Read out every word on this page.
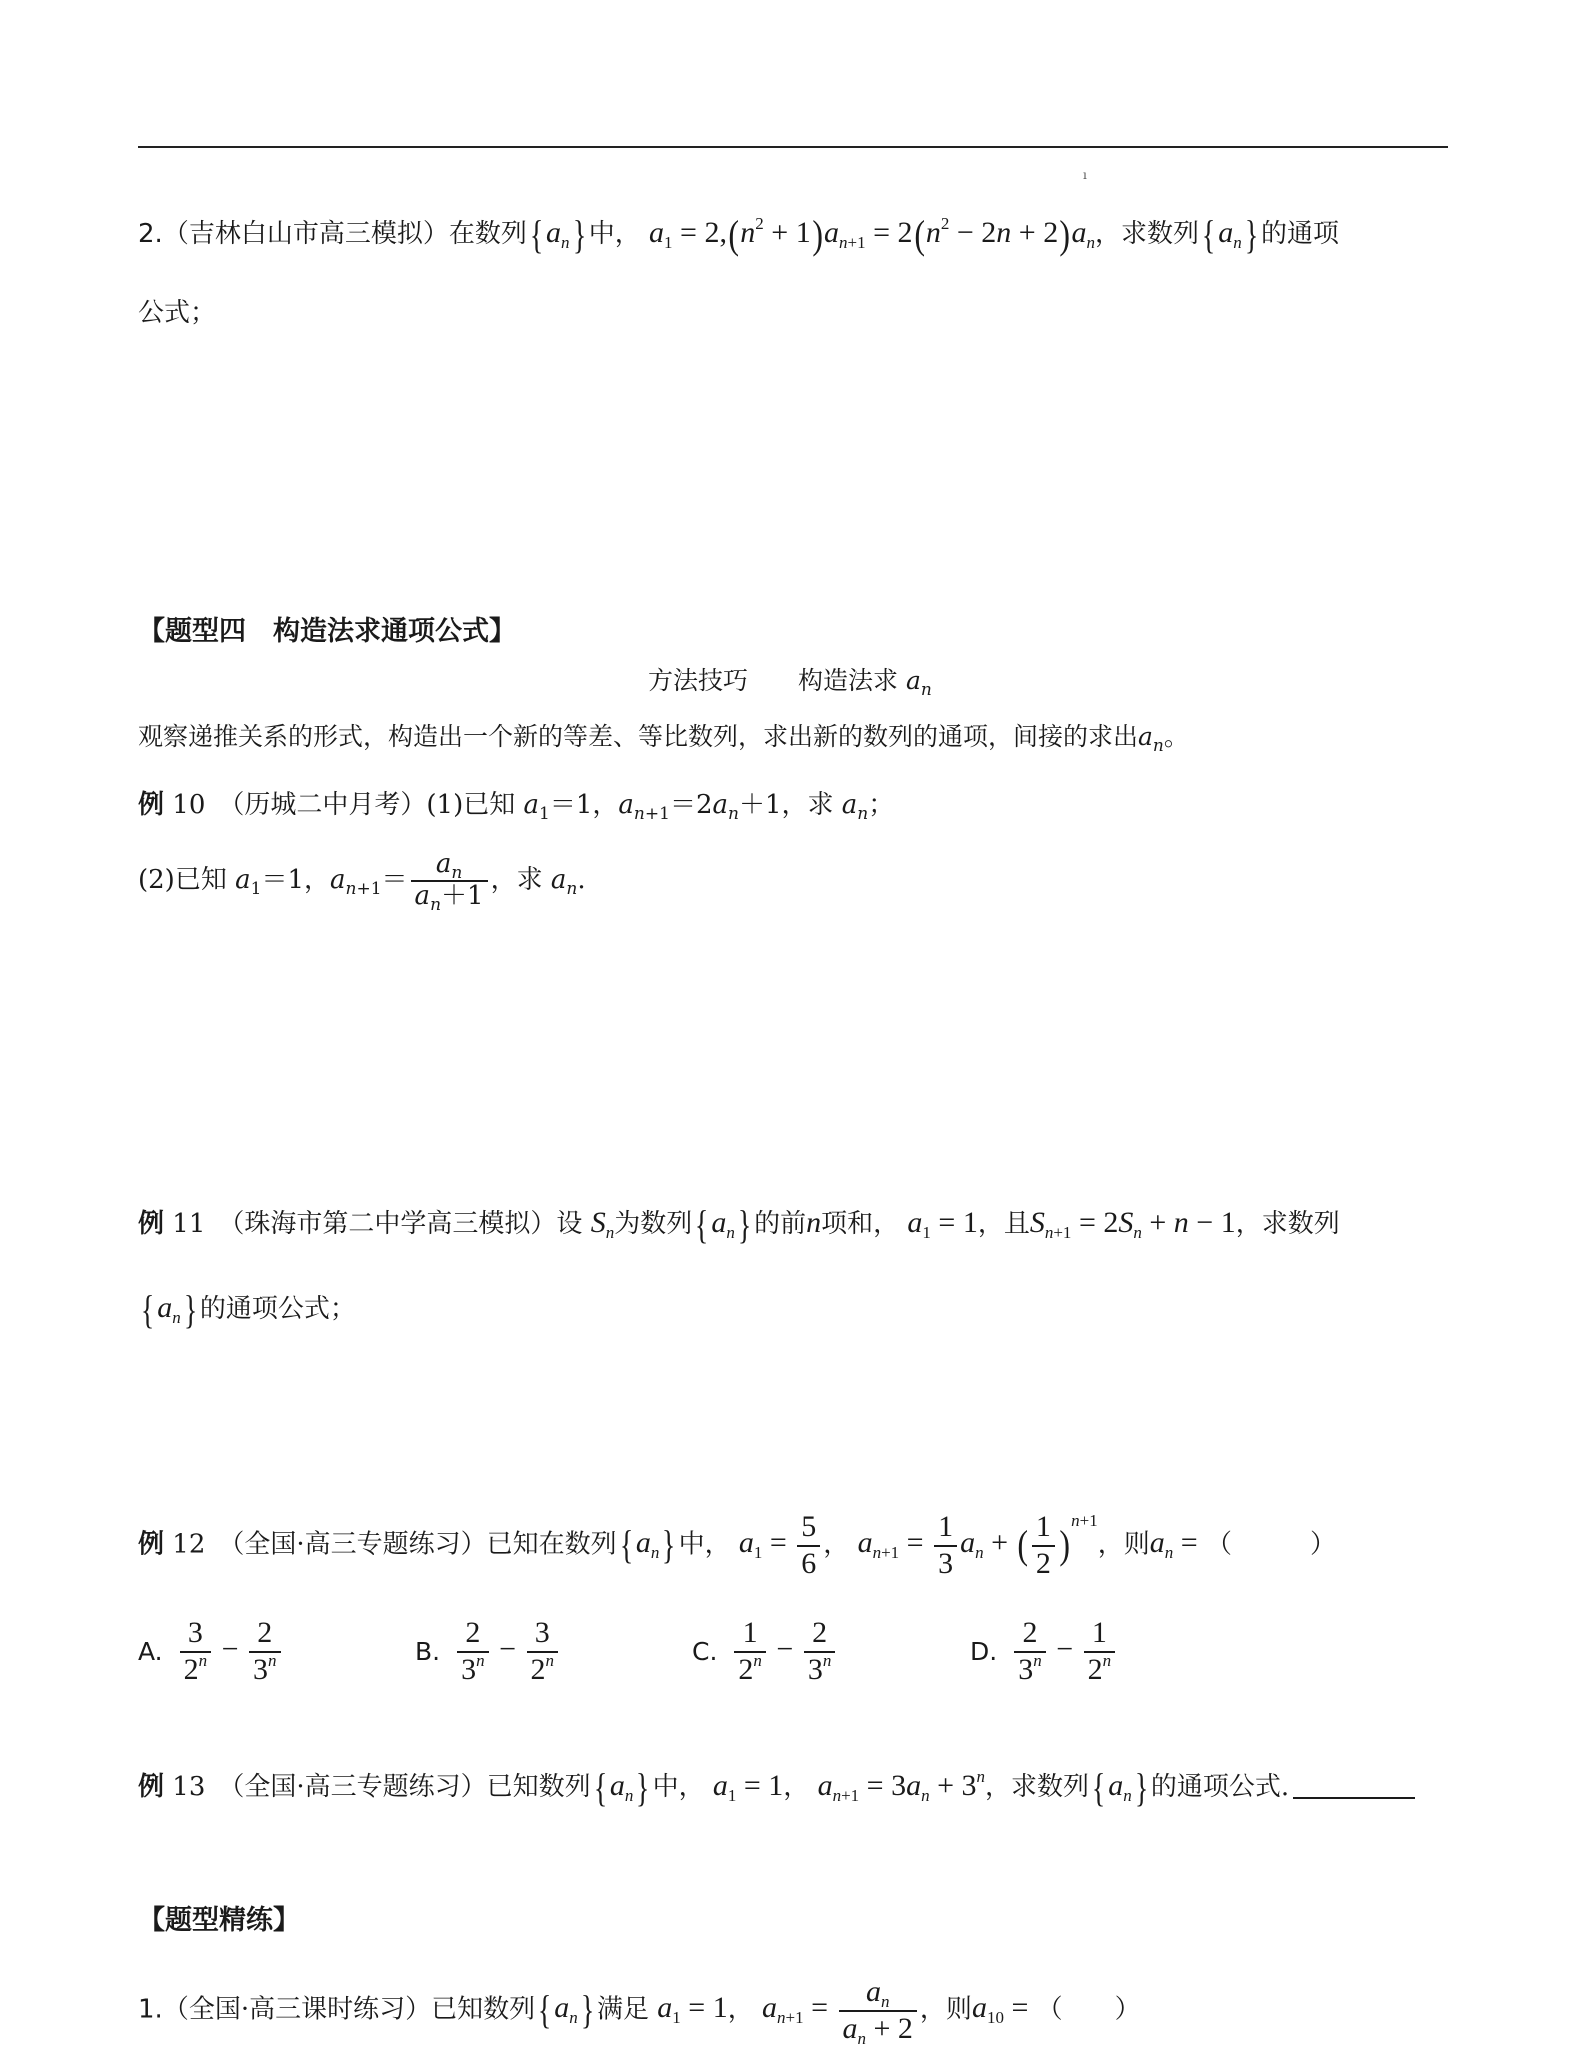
ı
2.（吉林白山市高三模拟）在数列$\{a_n\}$ 中， $a_1 = 2,(n^2 + 1)a_{n+1} = 2(n^2 - 2n + 2)a_n$，求数列$\{a_n\}$ 的通项
公式；
【题型四　构造法求通项公式】
方法技巧　　构造法求 $a_n$
观察递推关系的形式，构造出一个新的等差、等比数列，求出新的数列的通项，间接的求出$a_n$。
例 10　 （历城二中月考）(1)已知 $a_1=1$，$a_{n+1}=2a_n+1$，求 $a_n$；
(2)已知 $a_1=1$，$a_{n+1}= \frac{a_n}{a_n+1}$ ，求 $a_n$.
例 11　 （珠海市第二中学高三模拟）设 $S_n$为数列$\{a_n\}$ 的前n项和， $a_1 = 1$，且$S_{n+1} = 2S_n + n - 1$，求数列
$\{a_n\}$ 的通项公式；
例 12　 （全国·高三专题练习）已知在数列$\{a_n\}$ 中， $a_1 = \frac{5}{6}$ ， $a_{n+1} = \frac{1}{3} a_n$ + ( $\frac{1}{2} )^{n+1}$，则$a_n$ = （　　　）
A. $\frac{3}{2^n} - \frac{2}{3^n}$	B. $\frac{2}{3^n} - \frac{3}{2^n}$	C. $\frac{1}{2^n} - \frac{2}{3^n}$	D. $\frac{2}{3^n} - \frac{1}{2^n}$
例 13　 （全国·高三专题练习）已知数列$\{a_n\}$ 中， $a_1 = 1$， $a_{n+1} = 3a_n + 3^n$，求数列$\{a_n\}$ 的通项公式.
【题型精练】
1.（全国·高三课时练习）已知数列$\{a_n\}$ 满足 $a_1 = 1$， $a_{n+1} = \frac{a_n}{a_n + 2}$ ，则$a_{10}$ = （　　）
